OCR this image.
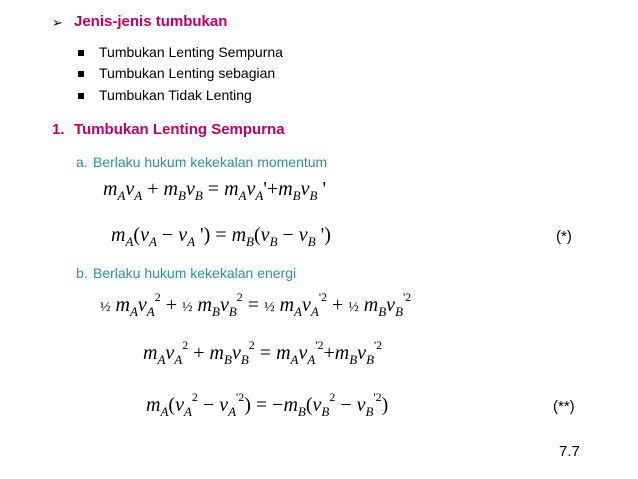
➢ Jenis-jenis tumbukan
Tumbukan Lenting Sempurna
Tumbukan Lenting sebagian
Tumbukan Tidak Lenting
1. Tumbukan Lenting Sempurna
a. Berlaku hukum kekekalan momentum
$m_Av_A + m_Bv_B = m_Av_A'+m_Bv_B$ '
$m_A(v_A - v_A$ ') = $m_B(v_B - v_B$ ')	(*)
b. Berlaku hukum kekekalan energi
½ $m_Av_A^2$ + ½ $m_Bv_B^2$ = ½ $m_Av_A^{'2}$ + ½ $m_Bv_B^{'2}$
$m_Av_A^2 + m_Bv_B^2 = m_Av_A^{'2}+m_Bv_B^{'2}$
$m_A(v_A^2 - v_A^{'2}) = -m_B(v_B^2 - v_B^{'2})$	(**)
7.7
